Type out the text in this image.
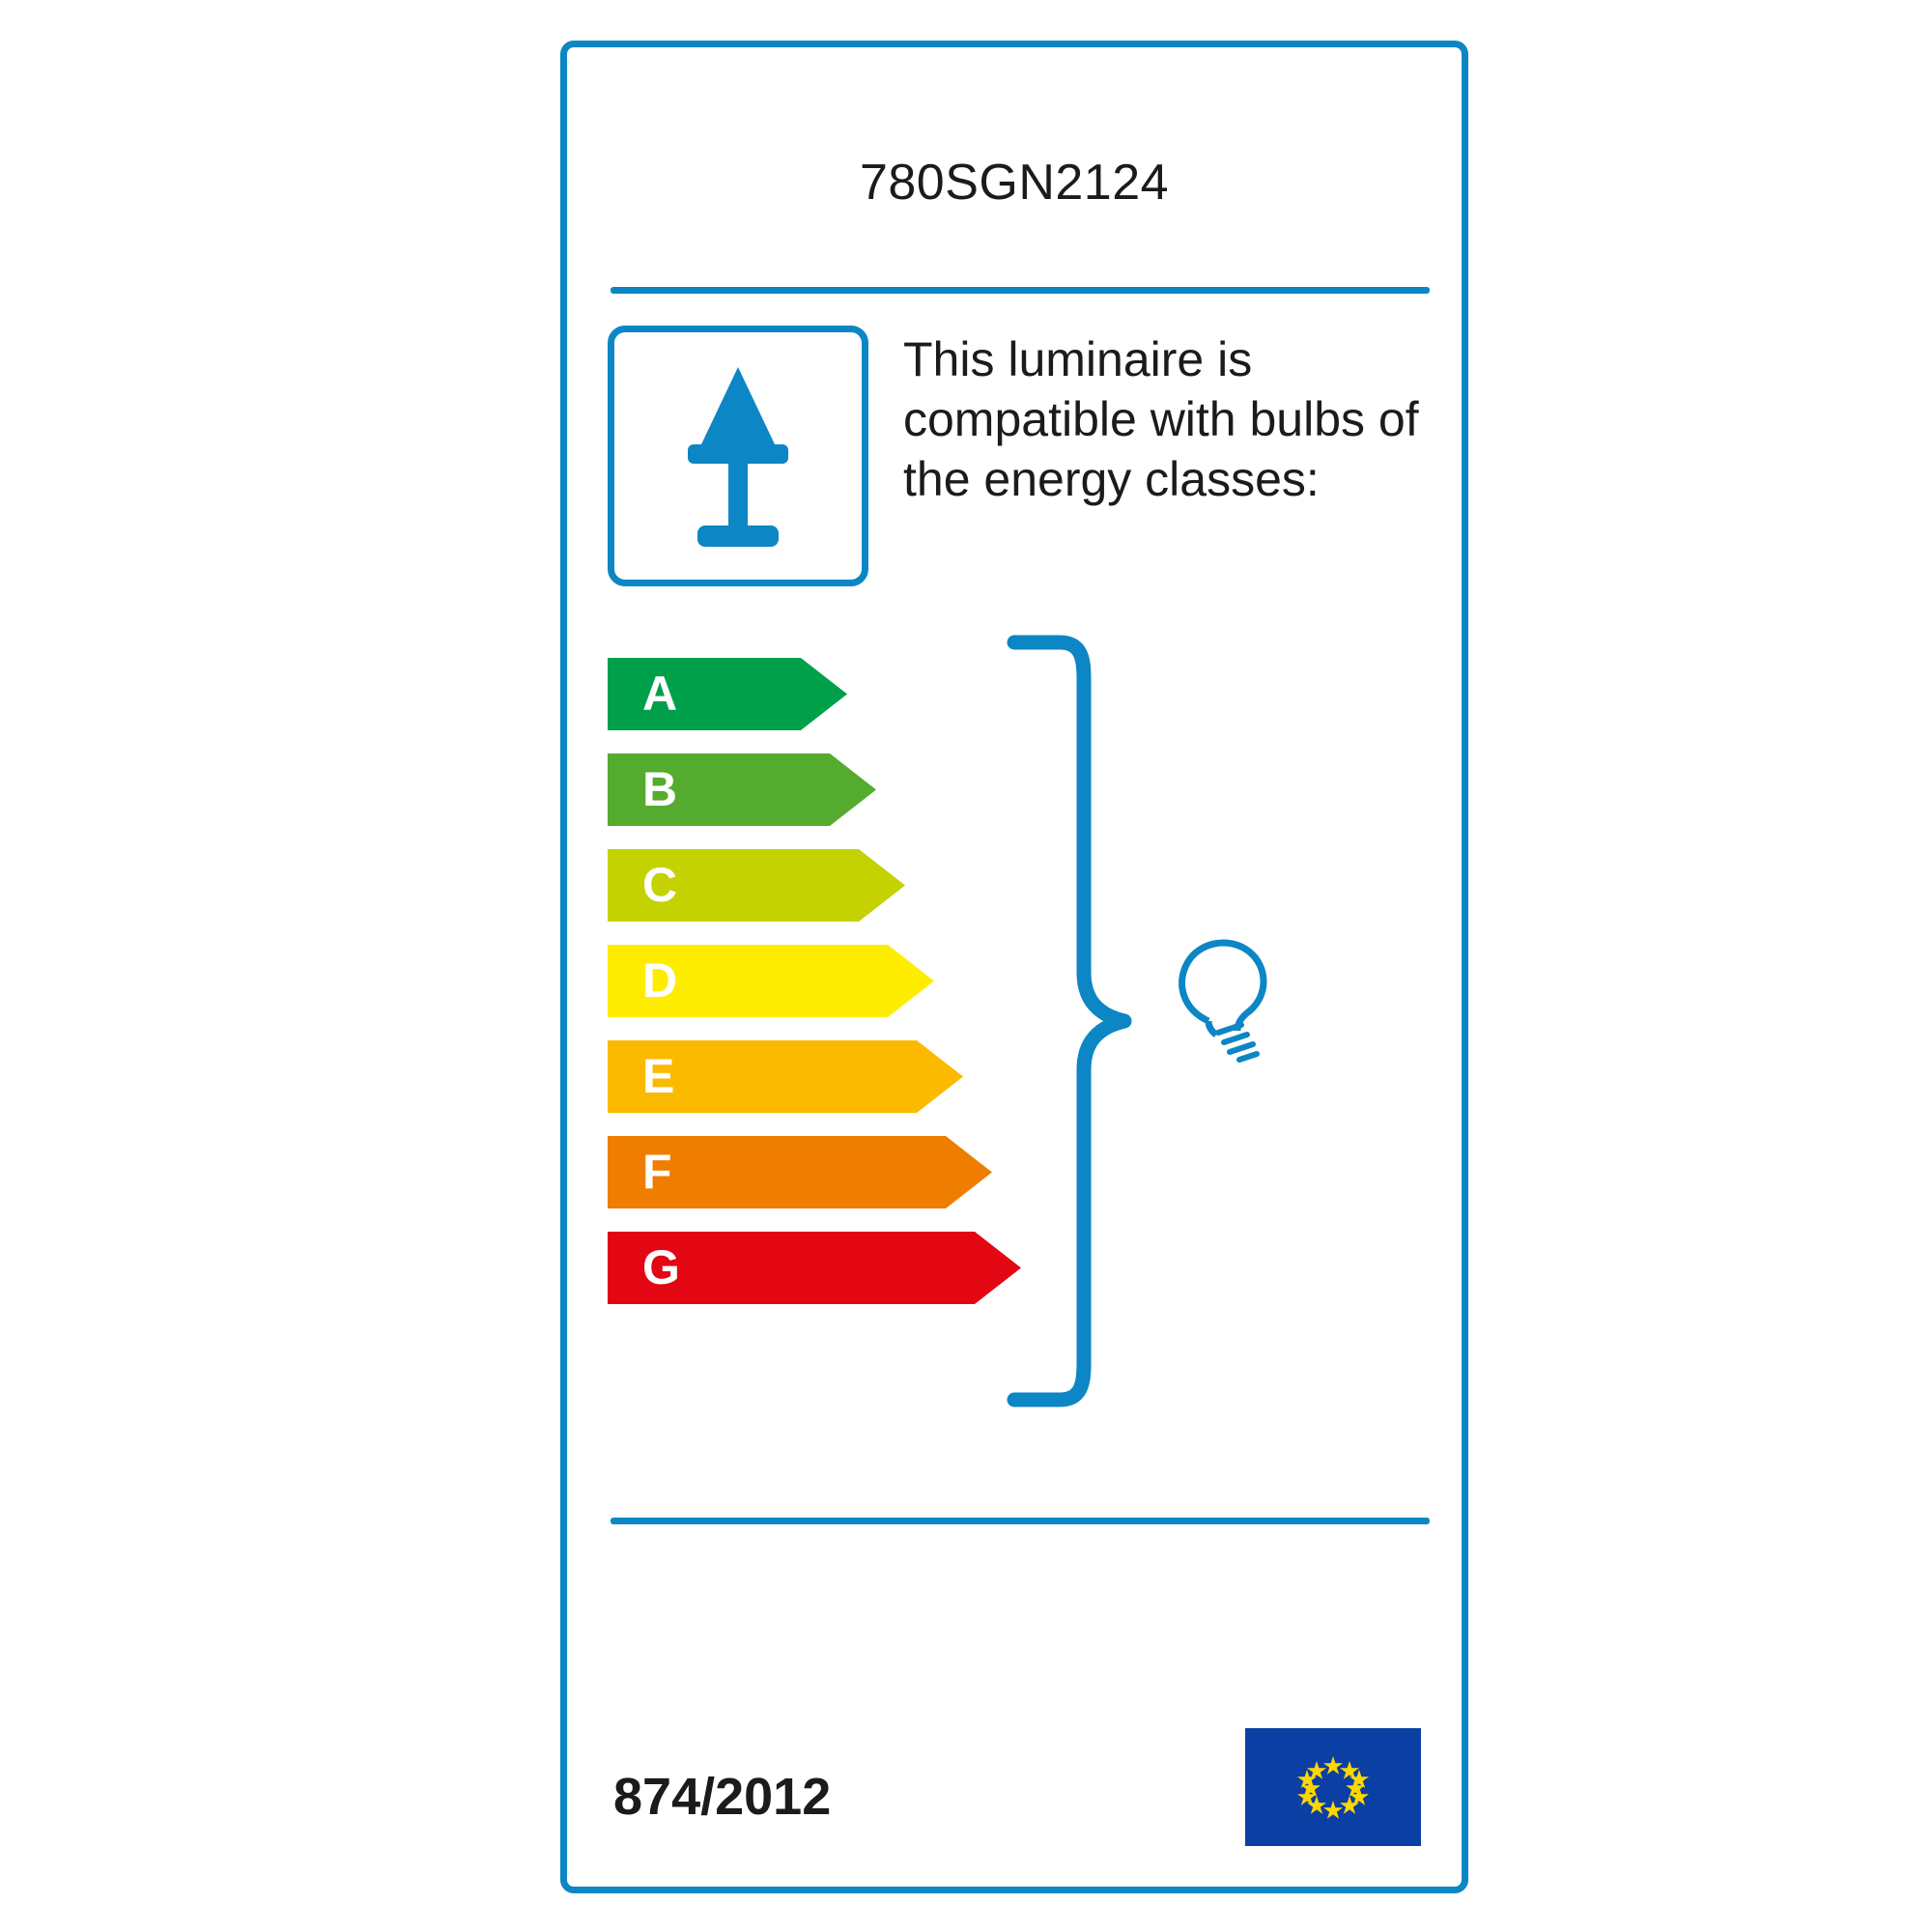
780SGN2124
This luminaire is compatible with bulbs of the energy classes:
A
B
C
D
E
F
G
874/2012
